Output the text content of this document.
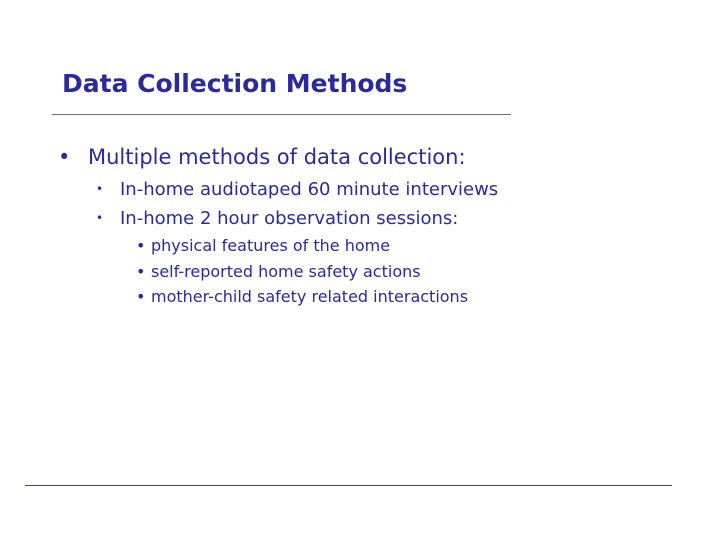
Data Collection Methods
• Multiple methods of data collection:
• In-home audiotaped 60 minute interviews
• In-home 2 hour observation sessions:
• physical features of the home
• self-reported home safety actions
• mother-child safety related interactions
